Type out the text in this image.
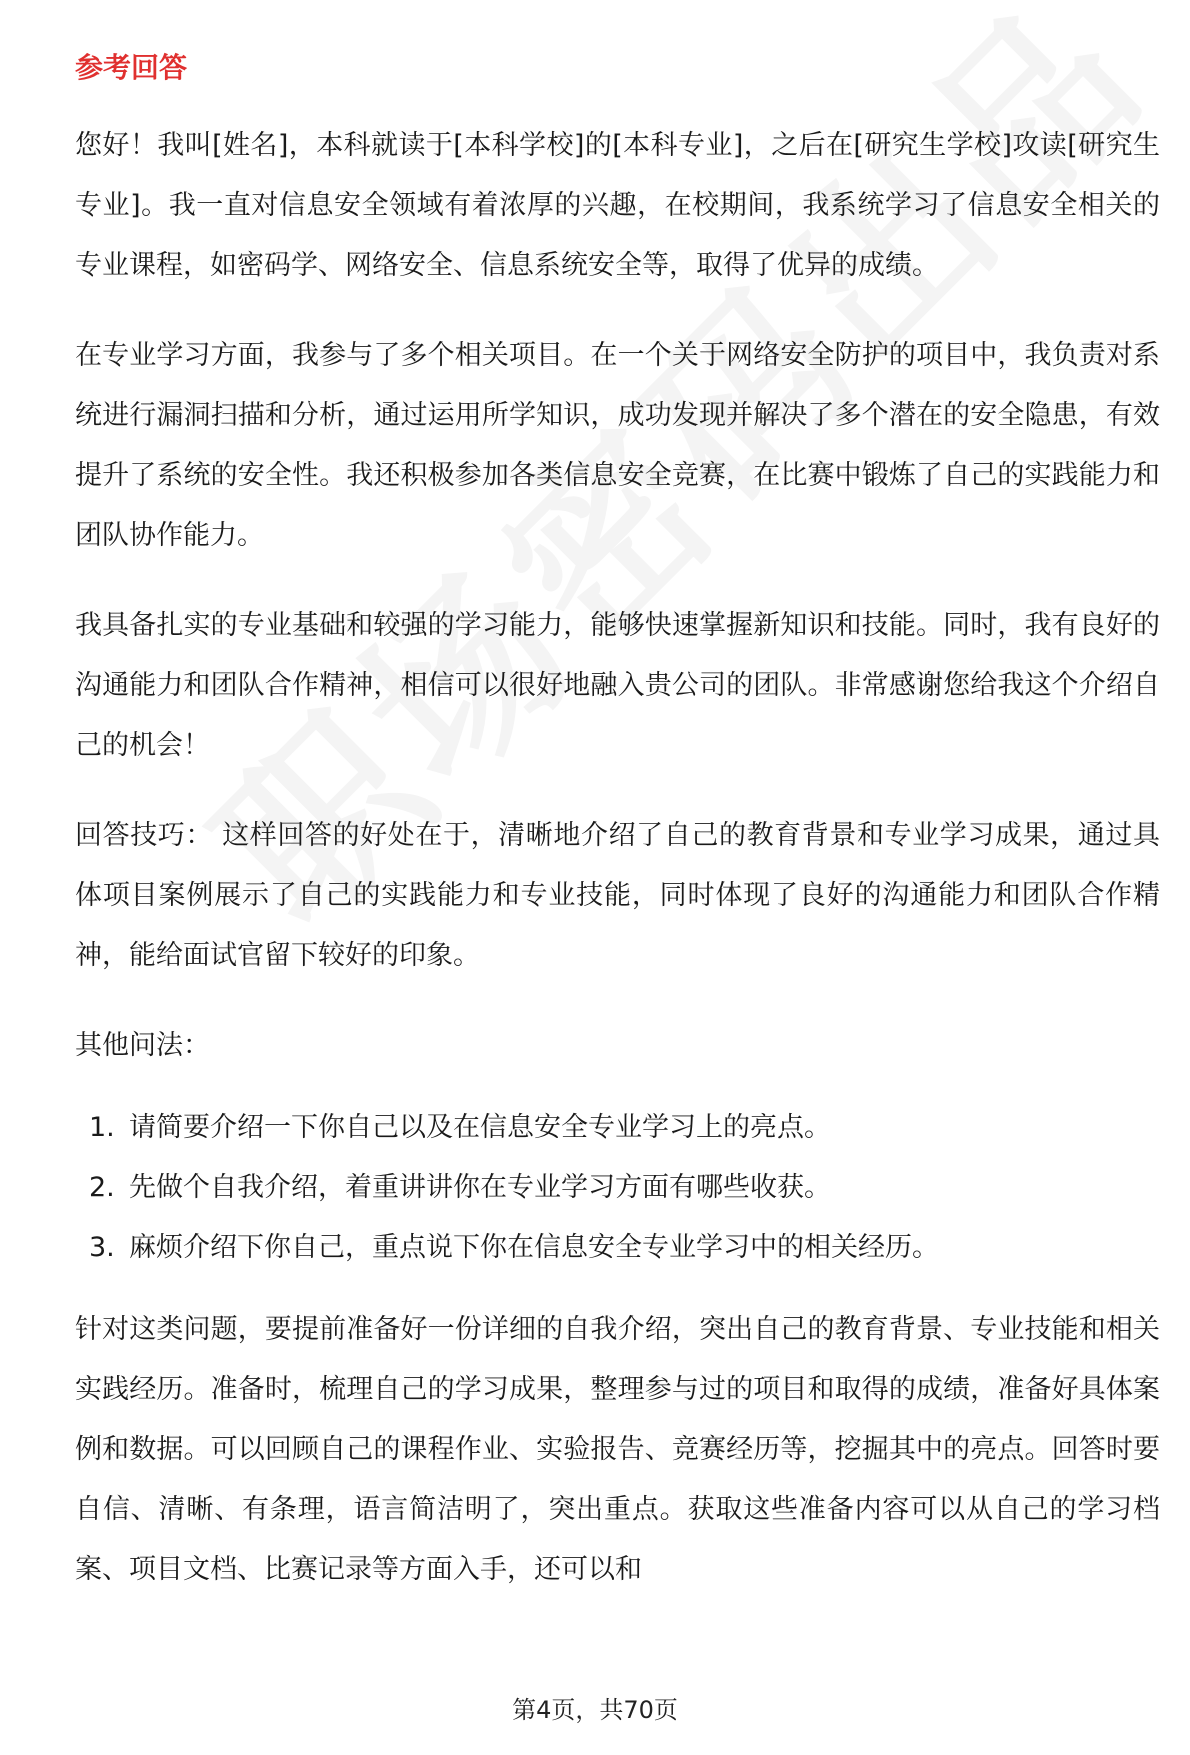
参考回答

您好！我叫[姓名]，本科就读于[本科学校]的[本科专业]，之后在[研究生学校]攻读[研究生专业]。我一直对信息安全领域有着浓厚的兴趣，在校期间，我系统学习了信息安全相关的专业课程，如密码学、网络安全、信息系统安全等，取得了优异的成绩。

在专业学习方面，我参与了多个相关项目。在一个关于网络安全防护的项目中，我负责对系统进行漏洞扫描和分析，通过运用所学知识，成功发现并解决了多个潜在的安全隐患，有效提升了系统的安全性。我还积极参加各类信息安全竞赛，在比赛中锻炼了自己的实践能力和团队协作能力。

我具备扎实的专业基础和较强的学习能力，能够快速掌握新知识和技能。同时，我有良好的沟通能力和团队合作精神，相信可以很好地融入贵公司的团队。非常感谢您给我这个介绍自己的机会！

回答技巧： 这样回答的好处在于，清晰地介绍了自己的教育背景和专业学习成果，通过具体项目案例展示了自己的实践能力和专业技能，同时体现了良好的沟通能力和团队合作精神，能给面试官留下较好的印象。

其他问法：

1. 请简要介绍一下你自己以及在信息安全专业学习上的亮点。
2. 先做个自我介绍，着重讲讲你在专业学习方面有哪些收获。
3. 麻烦介绍下你自己，重点说下你在信息安全专业学习中的相关经历。

针对这类问题，要提前准备好一份详细的自我介绍，突出自己的教育背景、专业技能和相关实践经历。准备时，梳理自己的学习成果，整理参与过的项目和取得的成绩，准备好具体案例和数据。可以回顾自己的课程作业、实验报告、竞赛经历等，挖掘其中的亮点。回答时要自信、清晰、有条理，语言简洁明了，突出重点。获取这些准备内容可以从自己的学习档案、项目文档、比赛记录等方面入手，还可以和

第4页，共70页
